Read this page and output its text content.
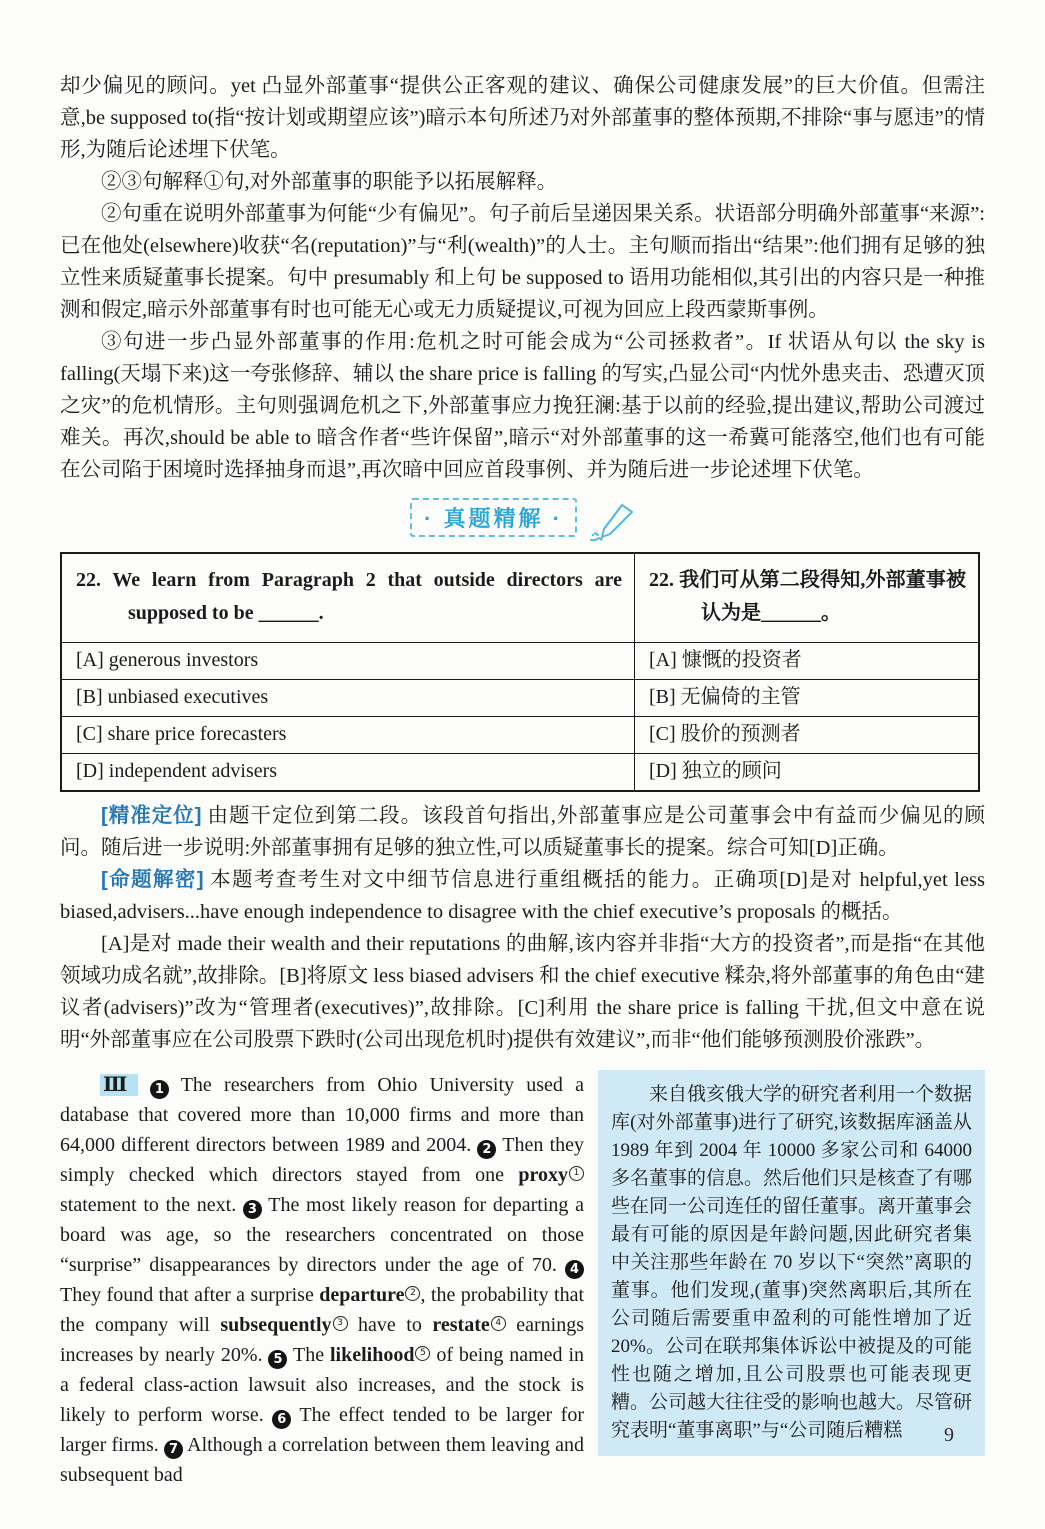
却少偏见的顾问。yet 凸显外部董事“提供公正客观的建议、确保公司健康发展”的巨大价值。但需注意,be supposed to(指“按计划或期望应该”)暗示本句所述乃对外部董事的整体预期,不排除“事与愿违”的情形,为随后论述埋下伏笔。

②③句解释①句,对外部董事的职能予以拓展解释。

②句重在说明外部董事为何能“少有偏见”。句子前后呈递因果关系。状语部分明确外部董事“来源”:已在他处(elsewhere)收获“名(reputation)”与“利(wealth)”的人士。主句顺而指出“结果”:他们拥有足够的独立性来质疑董事长提案。句中 presumably 和上句 be supposed to 语用功能相似,其引出的内容只是一种推测和假定,暗示外部董事有时也可能无心或无力质疑提议,可视为回应上段西蒙斯事例。

③句进一步凸显外部董事的作用:危机之时可能会成为“公司拯救者”。If 状语从句以 the sky is falling(天塌下来)这一夸张修辞、辅以 the share price is falling 的写实,凸显公司“内忧外患夹击、恐遭灭顶之灾”的危机情形。主句则强调危机之下,外部董事应力挽狂澜:基于以前的经验,提出建议,帮助公司渡过难关。再次,should be able to 暗含作者“些许保留”,暗示“对外部董事的这一希冀可能落空,他们也有可能在公司陷于困境时选择抽身而退”,再次暗中回应首段事例、并为随后进一步论述埋下伏笔。

· 真题精解 ·
22. We learn from Paragraph 2 that outside directors are supposed to be ______.	22. 我们可从第二段得知,外部董事被认为是______。

[A] generous investors	[A] 慷慨的投资者
[B] unbiased executives	[B] 无偏倚的主管
[C] share price forecasters	[C] 股价的预测者
[D] independent advisers	[D] 独立的顾问

[精准定位] 由题干定位到第二段。该段首句指出,外部董事应是公司董事会中有益而少偏见的顾问。随后进一步说明:外部董事拥有足够的独立性,可以质疑董事长的提案。综合可知[D]正确。

[命题解密] 本题考查考生对文中细节信息进行重组概括的能力。正确项[D]是对 helpful,yet less biased,advisers...have enough independence to disagree with the chief executive’s proposals 的概括。

[A]是对 made their wealth and their reputations 的曲解,该内容并非指“大方的投资者”,而是指“在其他领域功成名就”,故排除。[B]将原文 less biased advisers 和 the chief executive 糅杂,将外部董事的角色由“建议者(advisers)”改为“管理者(executives)”,故排除。[C]利用 the share price is falling 干扰,但文中意在说明“外部董事应在公司股票下跌时(公司出现危机时)提供有效建议”,而非“他们能够预测股价涨跌”。

Ⅲ 1 The researchers from Ohio University used a database that covered more than 10,000 firms and more than 64,000 different directors between 1989 and 2004. 2 Then they simply checked which directors stayed from one proxy 1 statement to the next. 3 The most likely reason for departing a board was age, so the researchers concentrated on those “surprise” disappearances by directors under the age of 70. 4 They found that after a surprise departure 2 , the probability that the company will subsequently 3 have to restate 4 earnings increases by nearly 20%. 5 The likelihood 5 of being named in a federal class-action lawsuit also increases, and the stock is likely to perform worse. 6 The effect tended to be larger for larger firms. 7 Although a correlation between them leaving and subsequent bad

来自俄亥俄大学的研究者利用一个数据库(对外部董事)进行了研究,该数据库涵盖从 1989 年到 2004 年 10000 多家公司和 64000 多名董事的信息。然后他们只是核查了有哪些在同一公司连任的留任董事。离开董事会最有可能的原因是年龄问题,因此研究者集中关注那些年龄在 70 岁以下“突然”离职的董事。他们发现,(董事)突然离职后,其所在公司随后需要重申盈利的可能性增加了近 20%。公司在联邦集体诉讼中被提及的可能性也随之增加,且公司股票也可能表现更糟。公司越大往往受的影响也越大。尽管研究表明“董事离职”与“公司随后糟糕	9
